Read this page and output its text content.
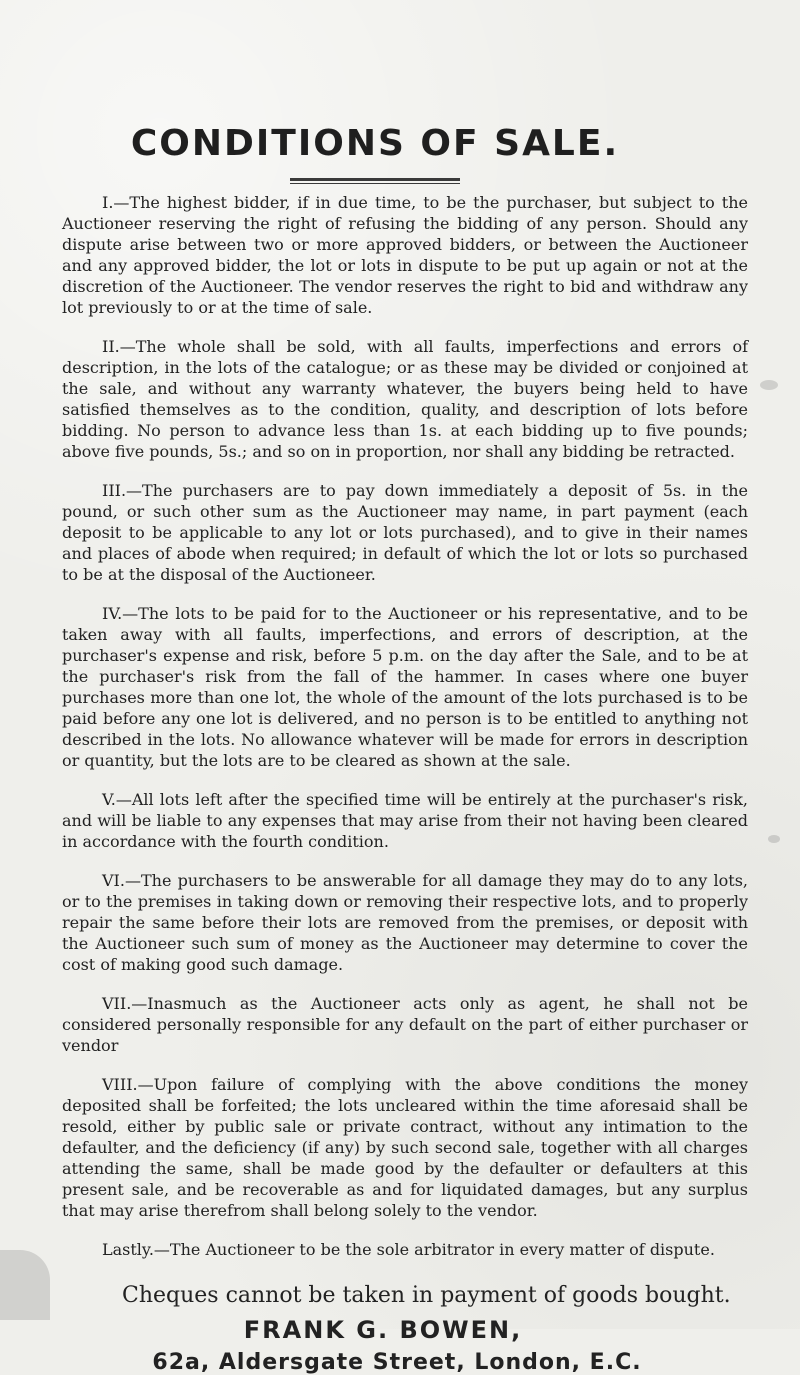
CONDITIONS OF SALE.

I.—The highest bidder, if in due time, to be the purchaser, but subject to the Auctioneer reserving the right of refusing the bidding of any person. Should any dispute arise between two or more approved bidders, or between the Auctioneer and any approved bidder, the lot or lots in dispute to be put up again or not at the discretion of the Auctioneer. The vendor reserves the right to bid and withdraw any lot previously to or at the time of sale.

II.—The whole shall be sold, with all faults, imperfections and errors of description, in the lots of the catalogue; or as these may be divided or conjoined at the sale, and without any warranty whatever, the buyers being held to have satisfied themselves as to the condition, quality, and description of lots before bidding. No person to advance less than 1s. at each bidding up to five pounds; above five pounds, 5s.; and so on in proportion, nor shall any bidding be retracted.

III.—The purchasers are to pay down immediately a deposit of 5s. in the pound, or such other sum as the Auctioneer may name, in part payment (each deposit to be applicable to any lot or lots purchased), and to give in their names and places of abode when required; in default of which the lot or lots so purchased to be at the disposal of the Auctioneer.

IV.—The lots to be paid for to the Auctioneer or his representative, and to be taken away with all faults, imperfections, and errors of description, at the purchaser's expense and risk, before 5 p.m. on the day after the Sale, and to be at the purchaser's risk from the fall of the hammer. In cases where one buyer purchases more than one lot, the whole of the amount of the lots purchased is to be paid before any one lot is delivered, and no person is to be entitled to anything not described in the lots. No allowance whatever will be made for errors in description or quantity, but the lots are to be cleared as shown at the sale.

V.—All lots left after the specified time will be entirely at the purchaser's risk, and will be liable to any expenses that may arise from their not having been cleared in accordance with the fourth condition.

VI.—The purchasers to be answerable for all damage they may do to any lots, or to the premises in taking down or removing their respective lots, and to properly repair the same before their lots are removed from the premises, or deposit with the Auctioneer such sum of money as the Auctioneer may determine to cover the cost of making good such damage.

VII.—Inasmuch as the Auctioneer acts only as agent, he shall not be considered personally responsible for any default on the part of either purchaser or vendor

VIII.—Upon failure of complying with the above conditions the money deposited shall be forfeited; the lots uncleared within the time aforesaid shall be resold, either by public sale or private contract, without any intimation to the defaulter, and the deficiency (if any) by such second sale, together with all charges attending the same, shall be made good by the defaulter or defaulters at this present sale, and be recoverable as and for liquidated damages, but any surplus that may arise therefrom shall belong solely to the vendor.

Lastly.—The Auctioneer to be the sole arbitrator in every matter of dispute.

Cheques cannot be taken in payment of goods bought.

FRANK G. BOWEN,

62a, Aldersgate Street, London, E.C.
